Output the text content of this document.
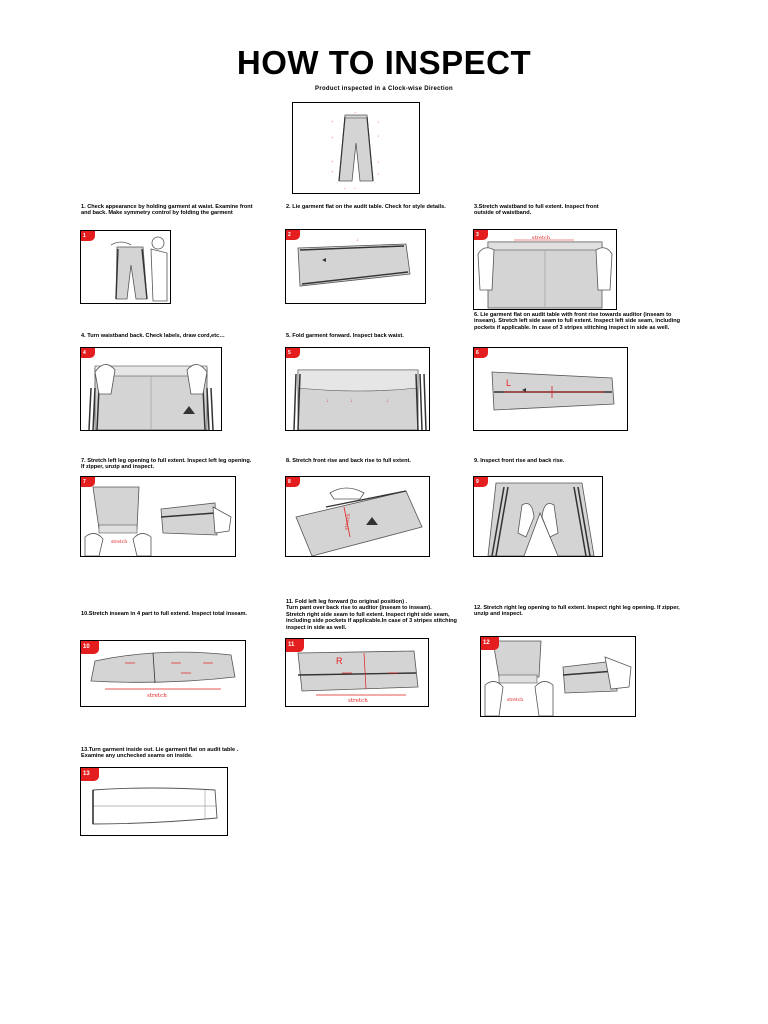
HOW TO INSPECT
Product inspected in a Clock-wise Direction
↑
↑
↑
↑
↓
↓
↓
↓
→
←
←
1. Check appearance by holding garment at waist. Examine front and back. Make symmetry control by folding the garment
1
2. Lie garment flat on the audit table. Check for style details.
2
↓
3.Stretch waistband to full extent. Inspect front outside of waistband.
3	stretch
6. Lie garment flat on audit table with front rise towards auditor (inseam to inseam). Stretch left side seam to full extent. Inspect left side seam, including pockets if applicable. In case of 3 stripes stitching inspect in side as well.
4. Turn waistband back. Check labels, draw cord,etc…
4
5. Fold garment forward. Inspect back waist.
5
↓	↓	↓
6
L
7. Stretch left leg opening to full extent. Inspect left leg opening. If zipper, unzip and inspect.
7
stretch
8. Stretch front rise and back rise to full extent.
8
stretch
9. Inspect front rise and back rise.
9
11. Fold left leg forward (to original position) .
Turn pant over back rise to auditor (inseam to inseam).
Stretch right side seam to full extent. Inspect right side seam, including side pockets if applicable.In case of 3 stripes stitching inspect in side as well.
10.Stretch inseam in 4 part to full extend. Inspect total inseam.
10
stretch
11
R
stretch
12. Stretch right leg opening to full extent. Inspect right leg opening. If zipper, unzip and inspect.
12
stretch
13.Turn garment inside out. Lie garment flat on audit table . Examine any unchecked seams on inside.
13
